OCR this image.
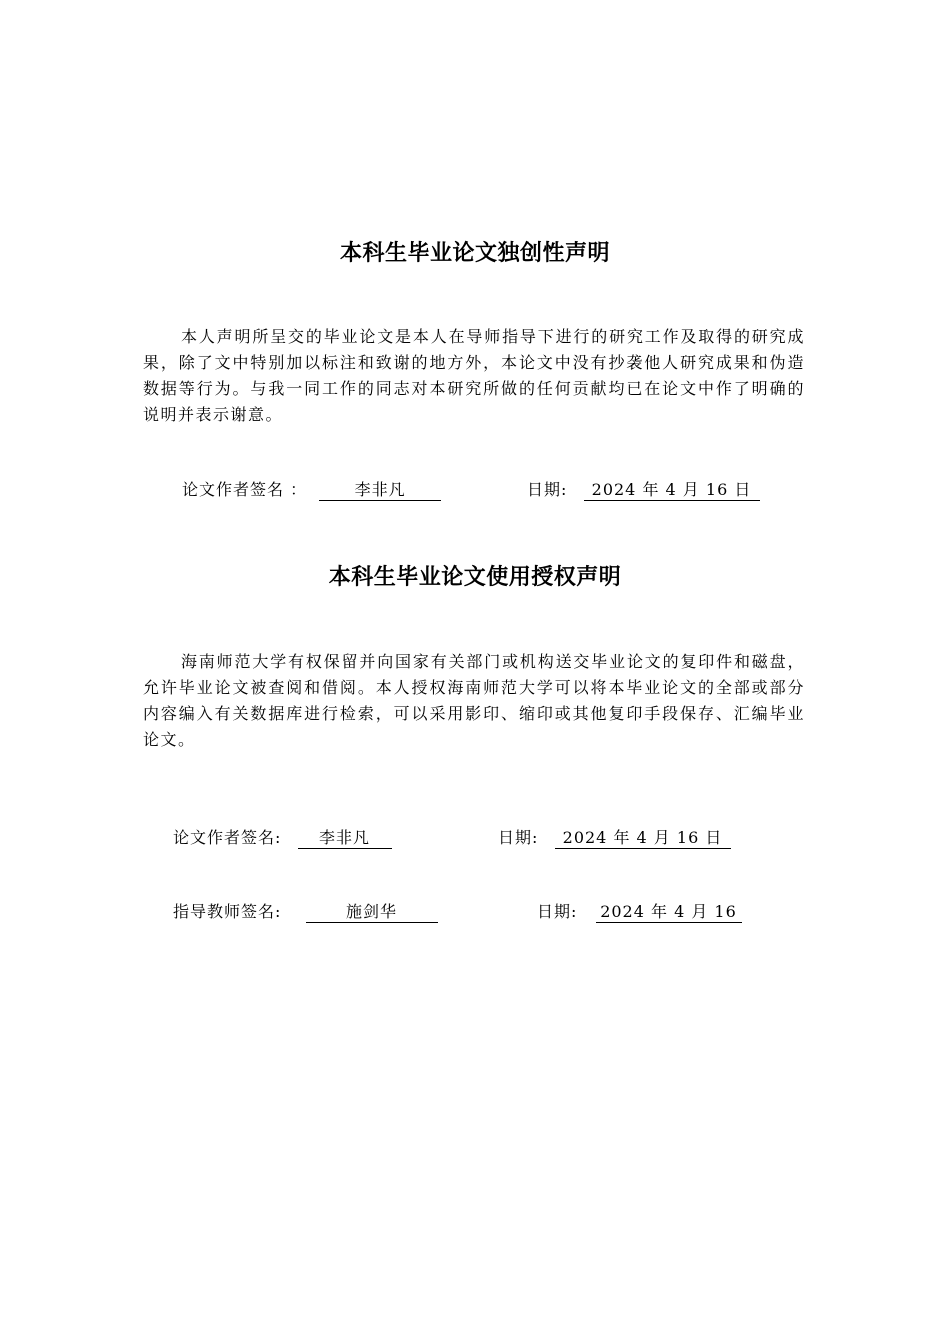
本科生毕业论文独创性声明
本人声明所呈交的毕业论文是本人在导师指导下进行的研究工作及取得的研究成果，除了文中特别加以标注和致谢的地方外，本论文中没有抄袭他人研究成果和伪造数据等行为。与我一同工作的同志对本研究所做的任何贡献均已在论文中作了明确的说明并表示谢意。
论文作者签名 ：	李非凡	日期: 2024 年 4 月 16 日
本科生毕业论文使用授权声明
海南师范大学有权保留并向国家有关部门或机构送交毕业论文的复印件和磁盘，允许毕业论文被查阅和借阅。本人授权海南师范大学可以将本毕业论文的全部或部分内容编入有关数据库进行检索，可以采用影印、缩印或其他复印手段保存、汇编毕业论文。
论文作者签名: 李非凡	日期: 2024 年 4 月 16 日
指导教师签名:	施剑华	日期: 2024 年 4 月 16
